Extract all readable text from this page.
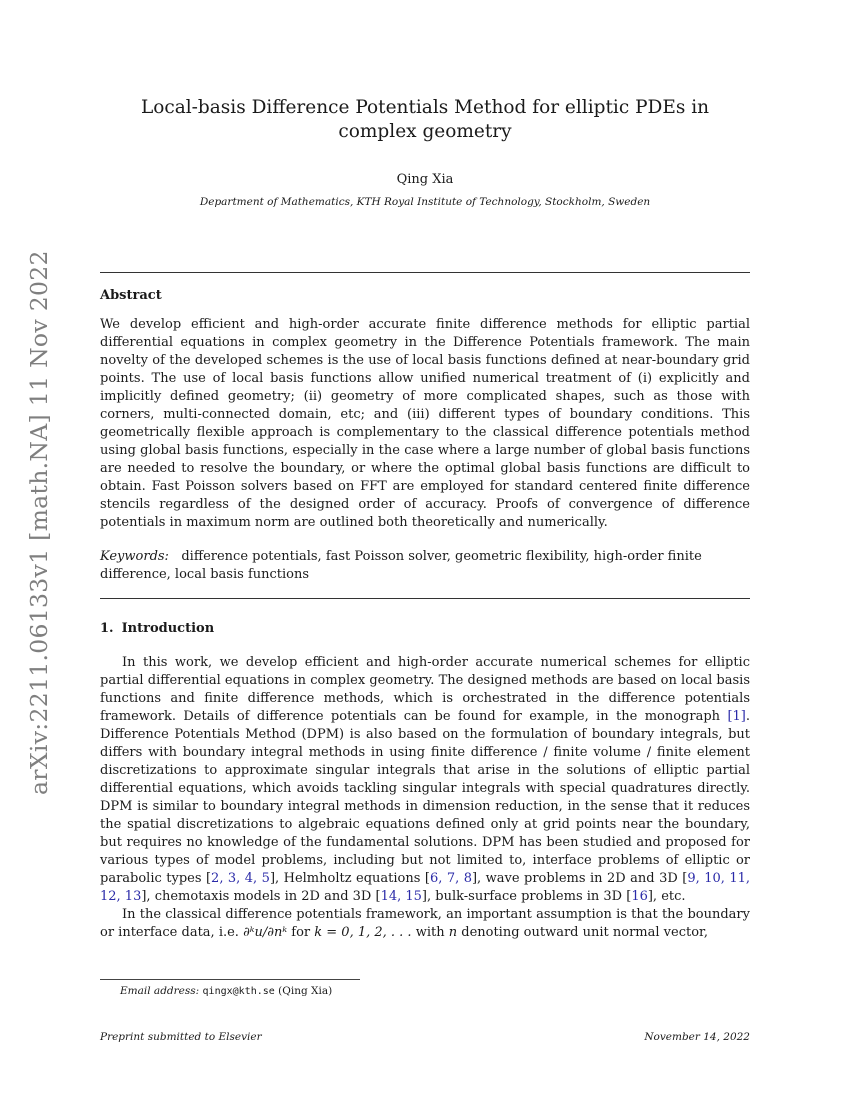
arXiv:2211.06133v1 [math.NA] 11 Nov 2022
Local-basis Difference Potentials Method for elliptic PDEs in complex geometry
Qing Xia
Department of Mathematics, KTH Royal Institute of Technology, Stockholm, Sweden
Abstract
We develop efficient and high-order accurate finite difference methods for elliptic partial differential equations in complex geometry in the Difference Potentials framework. The main novelty of the developed schemes is the use of local basis functions defined at near-boundary grid points. The use of local basis functions allow unified numerical treatment of (i) explicitly and implicitly defined geometry; (ii) geometry of more complicated shapes, such as those with corners, multi-connected domain, etc; and (iii) different types of boundary conditions. This geometrically flexible approach is complementary to the classical difference potentials method using global basis functions, especially in the case where a large number of global basis functions are needed to resolve the boundary, or where the optimal global basis functions are difficult to obtain. Fast Poisson solvers based on FFT are employed for standard centered finite difference stencils regardless of the designed order of accuracy. Proofs of convergence of difference potentials in maximum norm are outlined both theoretically and numerically.
Keywords: difference potentials, fast Poisson solver, geometric flexibility, high-order finite difference, local basis functions
1. Introduction
In this work, we develop efficient and high-order accurate numerical schemes for elliptic partial differential equations in complex geometry. The designed methods are based on local basis functions and finite difference methods, which is orchestrated in the difference potentials framework. Details of difference potentials can be found for example, in the monograph [1]. Difference Potentials Method (DPM) is also based on the formulation of boundary integrals, but differs with boundary integral methods in using finite difference / finite volume / finite element discretizations to approximate singular integrals that arise in the solutions of elliptic partial differential equations, which avoids tackling singular integrals with special quadratures directly. DPM is similar to boundary integral methods in dimension reduction, in the sense that it reduces the spatial discretizations to algebraic equations defined only at grid points near the boundary, but requires no knowledge of the fundamental solutions. DPM has been studied and proposed for various types of model problems, including but not limited to, interface problems of elliptic or parabolic types [2, 3, 4, 5], Helmholtz equations [6, 7, 8], wave problems in 2D and 3D [9, 10, 11, 12, 13], chemotaxis models in 2D and 3D [14, 15], bulk-surface problems in 3D [16], etc.
In the classical difference potentials framework, an important assumption is that the boundary or interface data, i.e. ∂ᵏu/∂nᵏ for k = 0, 1, 2, . . . with n denoting outward unit normal vector,
Email address: qingx@kth.se (Qing Xia)
Preprint submitted to Elsevier	November 14, 2022
